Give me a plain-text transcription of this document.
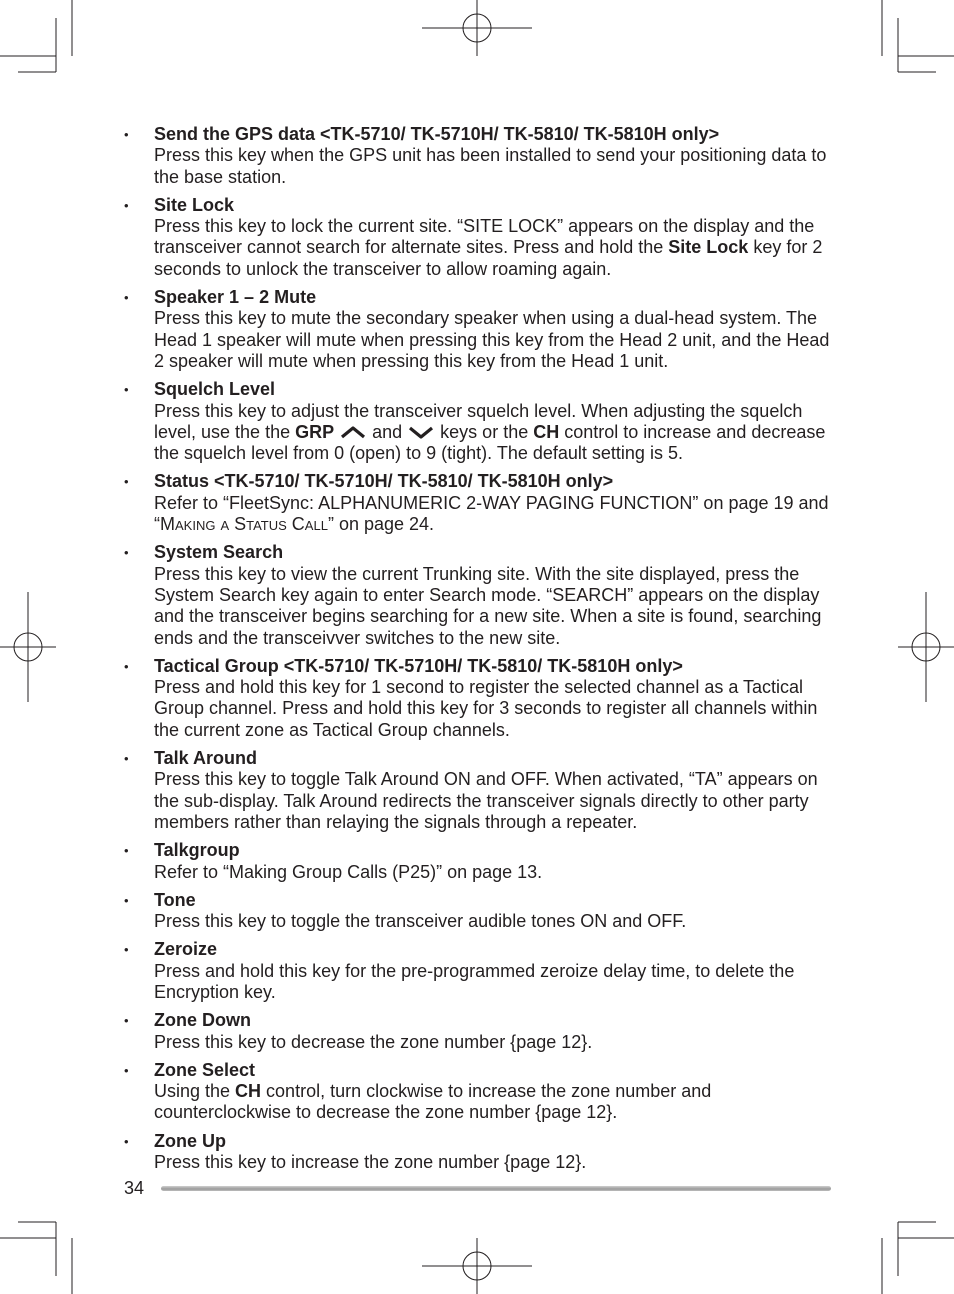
•	Send the GPS data <TK-5710/ TK-5710H/ TK-5810/ TK-5810H only>
Press this key when the GPS unit has been installed to send your positioning data to the base station.
•	Site Lock
Press this key to lock the current site. “SITE LOCK” appears on the display and the transceiver cannot search for alternate sites. Press and hold the Site Lock key for 2 seconds to unlock the transceiver to allow roaming again.
•	Speaker 1 – 2 Mute
Press this key to mute the secondary speaker when using a dual-head system. The Head 1 speaker will mute when pressing this key from the Head 2 unit, and the Head 2 speaker will mute when pressing this key from the Head 1 unit.
•	Squelch Level
Press this key to adjust the transceiver squelch level. When adjusting the squelch level, use the the GRP  and  keys or the CH control to increase and decrease the squelch level from 0 (open) to 9 (tight). The default setting is 5.
•	Status <TK-5710/ TK-5710H/ TK-5810/ TK-5810H only>
Refer to “FleetSync: ALPHANUMERIC 2-WAY PAGING FUNCTION” on page 19 and “Making a Status Call” on page 24.
•	System Search
Press this key to view the current Trunking site. With the site displayed, press the System Search key again to enter Search mode. “SEARCH” appears on the display and the transceiver begins searching for a new site. When a site is found, searching ends and the transceivver switches to the new site.
•	Tactical Group <TK-5710/ TK-5710H/ TK-5810/ TK-5810H only>
Press and hold this key for 1 second to register the selected channel as a Tactical Group channel. Press and hold this key for 3 seconds to register all channels within the current zone as Tactical Group channels.
•	Talk Around
Press this key to toggle Talk Around ON and OFF. When activated, “TA” appears on the sub-display. Talk Around redirects the transceiver signals directly to other party members rather than relaying the signals through a repeater.
•	Talkgroup
Refer to “Making Group Calls (P25)” on page 13.
•	Tone
Press this key to toggle the transceiver audible tones ON and OFF.
•	Zeroize
Press and hold this key for the pre-programmed zeroize delay time, to delete the Encryption key.
•	Zone Down
Press this key to decrease the zone number {page 12}.
•	Zone Select
Using the CH control, turn clockwise to increase the zone number and counterclockwise to decrease the zone number {page 12}.
•	Zone Up
Press this key to increase the zone number {page 12}.
34
